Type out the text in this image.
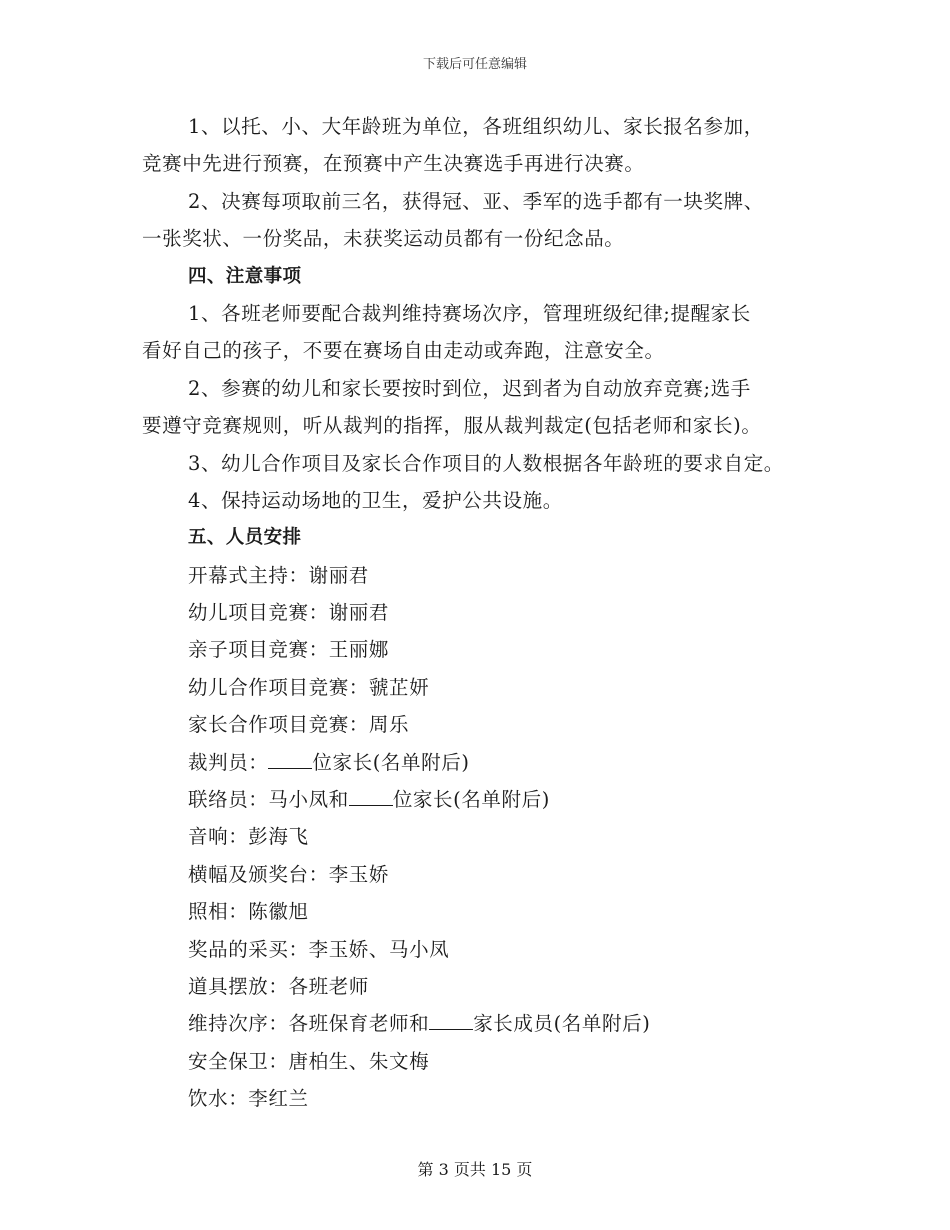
下载后可任意编辑
1、以托、小、大年龄班为单位，各班组织幼儿、家长报名参加，
竞赛中先进行预赛，在预赛中产生决赛选手再进行决赛。
2、决赛每项取前三名，获得冠、亚、季军的选手都有一块奖牌、
一张奖状、一份奖品，未获奖运动员都有一份纪念品。
四、注意事项
1、各班老师要配合裁判维持赛场次序，管理班级纪律;提醒家长
看好自己的孩子，不要在赛场自由走动或奔跑，注意安全。
2、参赛的幼儿和家长要按时到位，迟到者为自动放弃竞赛;选手
要遵守竞赛规则，听从裁判的指挥，服从裁判裁定(包括老师和家长)。
3、幼儿合作项目及家长合作项目的人数根据各年龄班的要求自定。
4、保持运动场地的卫生，爱护公共设施。
五、人员安排
开幕式主持：谢丽君
幼儿项目竞赛：谢丽君
亲子项目竞赛：王丽娜
幼儿合作项目竞赛：虢芷妍
家长合作项目竞赛：周乐
裁判员： 位家长(名单附后)
联络员：马小凤和 位家长(名单附后)
音响：彭海飞
横幅及颁奖台：李玉娇
照相：陈徽旭
奖品的采买：李玉娇、马小凤
道具摆放：各班老师
维持次序：各班保育老师和 家长成员(名单附后)
安全保卫：唐柏生、朱文梅
饮水：李红兰
第 3 页共 15 页
